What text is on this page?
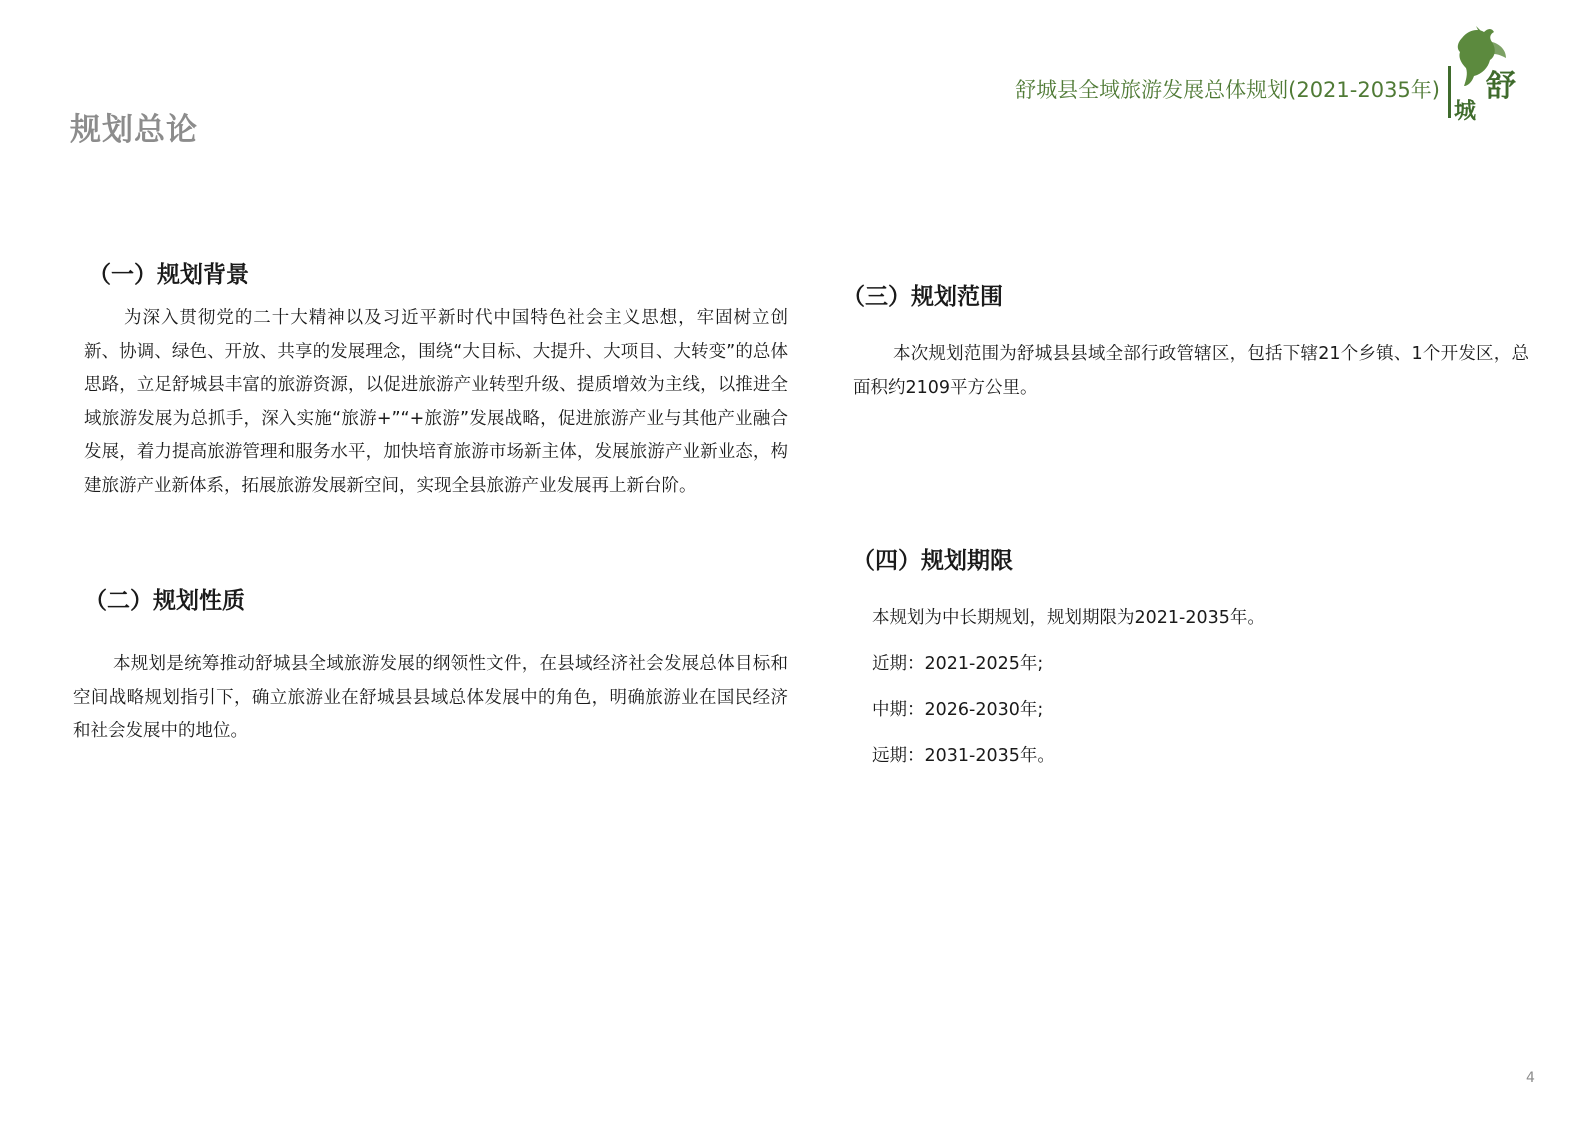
舒城县全域旅游发展总体规划(2021-2035年) 舒
城
规划总论
（一）规划背景
为深入贯彻党的二十大精神以及习近平新时代中国特色社会主义思想，牢固树立创新、协调、绿色、开放、共享的发展理念，围绕“大目标、大提升、大项目、大转变”的总体思路，立足舒城县丰富的旅游资源，以促进旅游产业转型升级、提质增效为主线，以推进全域旅游发展为总抓手，深入实施“旅游+”“+旅游”发展战略，促进旅游产业与其他产业融合发展，着力提高旅游管理和服务水平，加快培育旅游市场新主体，发展旅游产业新业态，构建旅游产业新体系，拓展旅游发展新空间，实现全县旅游产业发展再上新台阶。
（二）规划性质
本规划是统筹推动舒城县全域旅游发展的纲领性文件，在县域经济社会发展总体目标和空间战略规划指引下，确立旅游业在舒城县县域总体发展中的角色，明确旅游业在国民经济和社会发展中的地位。
（三）规划范围
本次规划范围为舒城县县域全部行政管辖区，包括下辖21个乡镇、1个开发区，总面积约2109平方公里。
（四）规划期限
本规划为中长期规划，规划期限为2021-2035年。
近期：2021-2025年;
中期：2026-2030年;
远期：2031-2035年。
4
